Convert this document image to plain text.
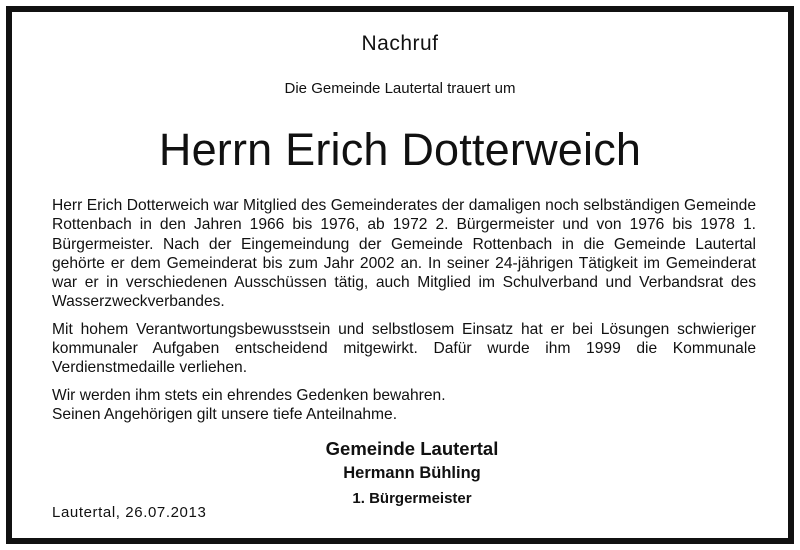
Nachruf
Die Gemeinde Lautertal trauert um
Herrn Erich Dotterweich

Herr Erich Dotterweich war Mitglied des Gemeinderates der damaligen noch selbständigen Gemeinde Rottenbach in den Jahren 1966 bis 1976, ab 1972 2. Bürgermeister und von 1976 bis 1978 1. Bürgermeister. Nach der Eingemeindung der Gemeinde Rottenbach in die Gemeinde Lautertal gehörte er dem Gemeinderat bis zum Jahr 2002 an. In seiner 24-jährigen Tätigkeit im Gemeinderat war er in verschiedenen Ausschüssen tätig, auch Mitglied im Schulverband und Verbandsrat des Wasserzweckverbandes.

Mit hohem Verantwortungsbewusstsein und selbstlosem Einsatz hat er bei Lösungen schwieriger kommunaler Aufgaben entscheidend mitgewirkt. Dafür wurde ihm 1999 die Kommunale Verdienstmedaille verliehen.

Wir werden ihm stets ein ehrendes Gedenken bewahren.
Seinen Angehörigen gilt unsere tiefe Anteilnahme.

Gemeinde Lautertal
Hermann Bühling
1. Bürgermeister
Lautertal, 26.07.2013
